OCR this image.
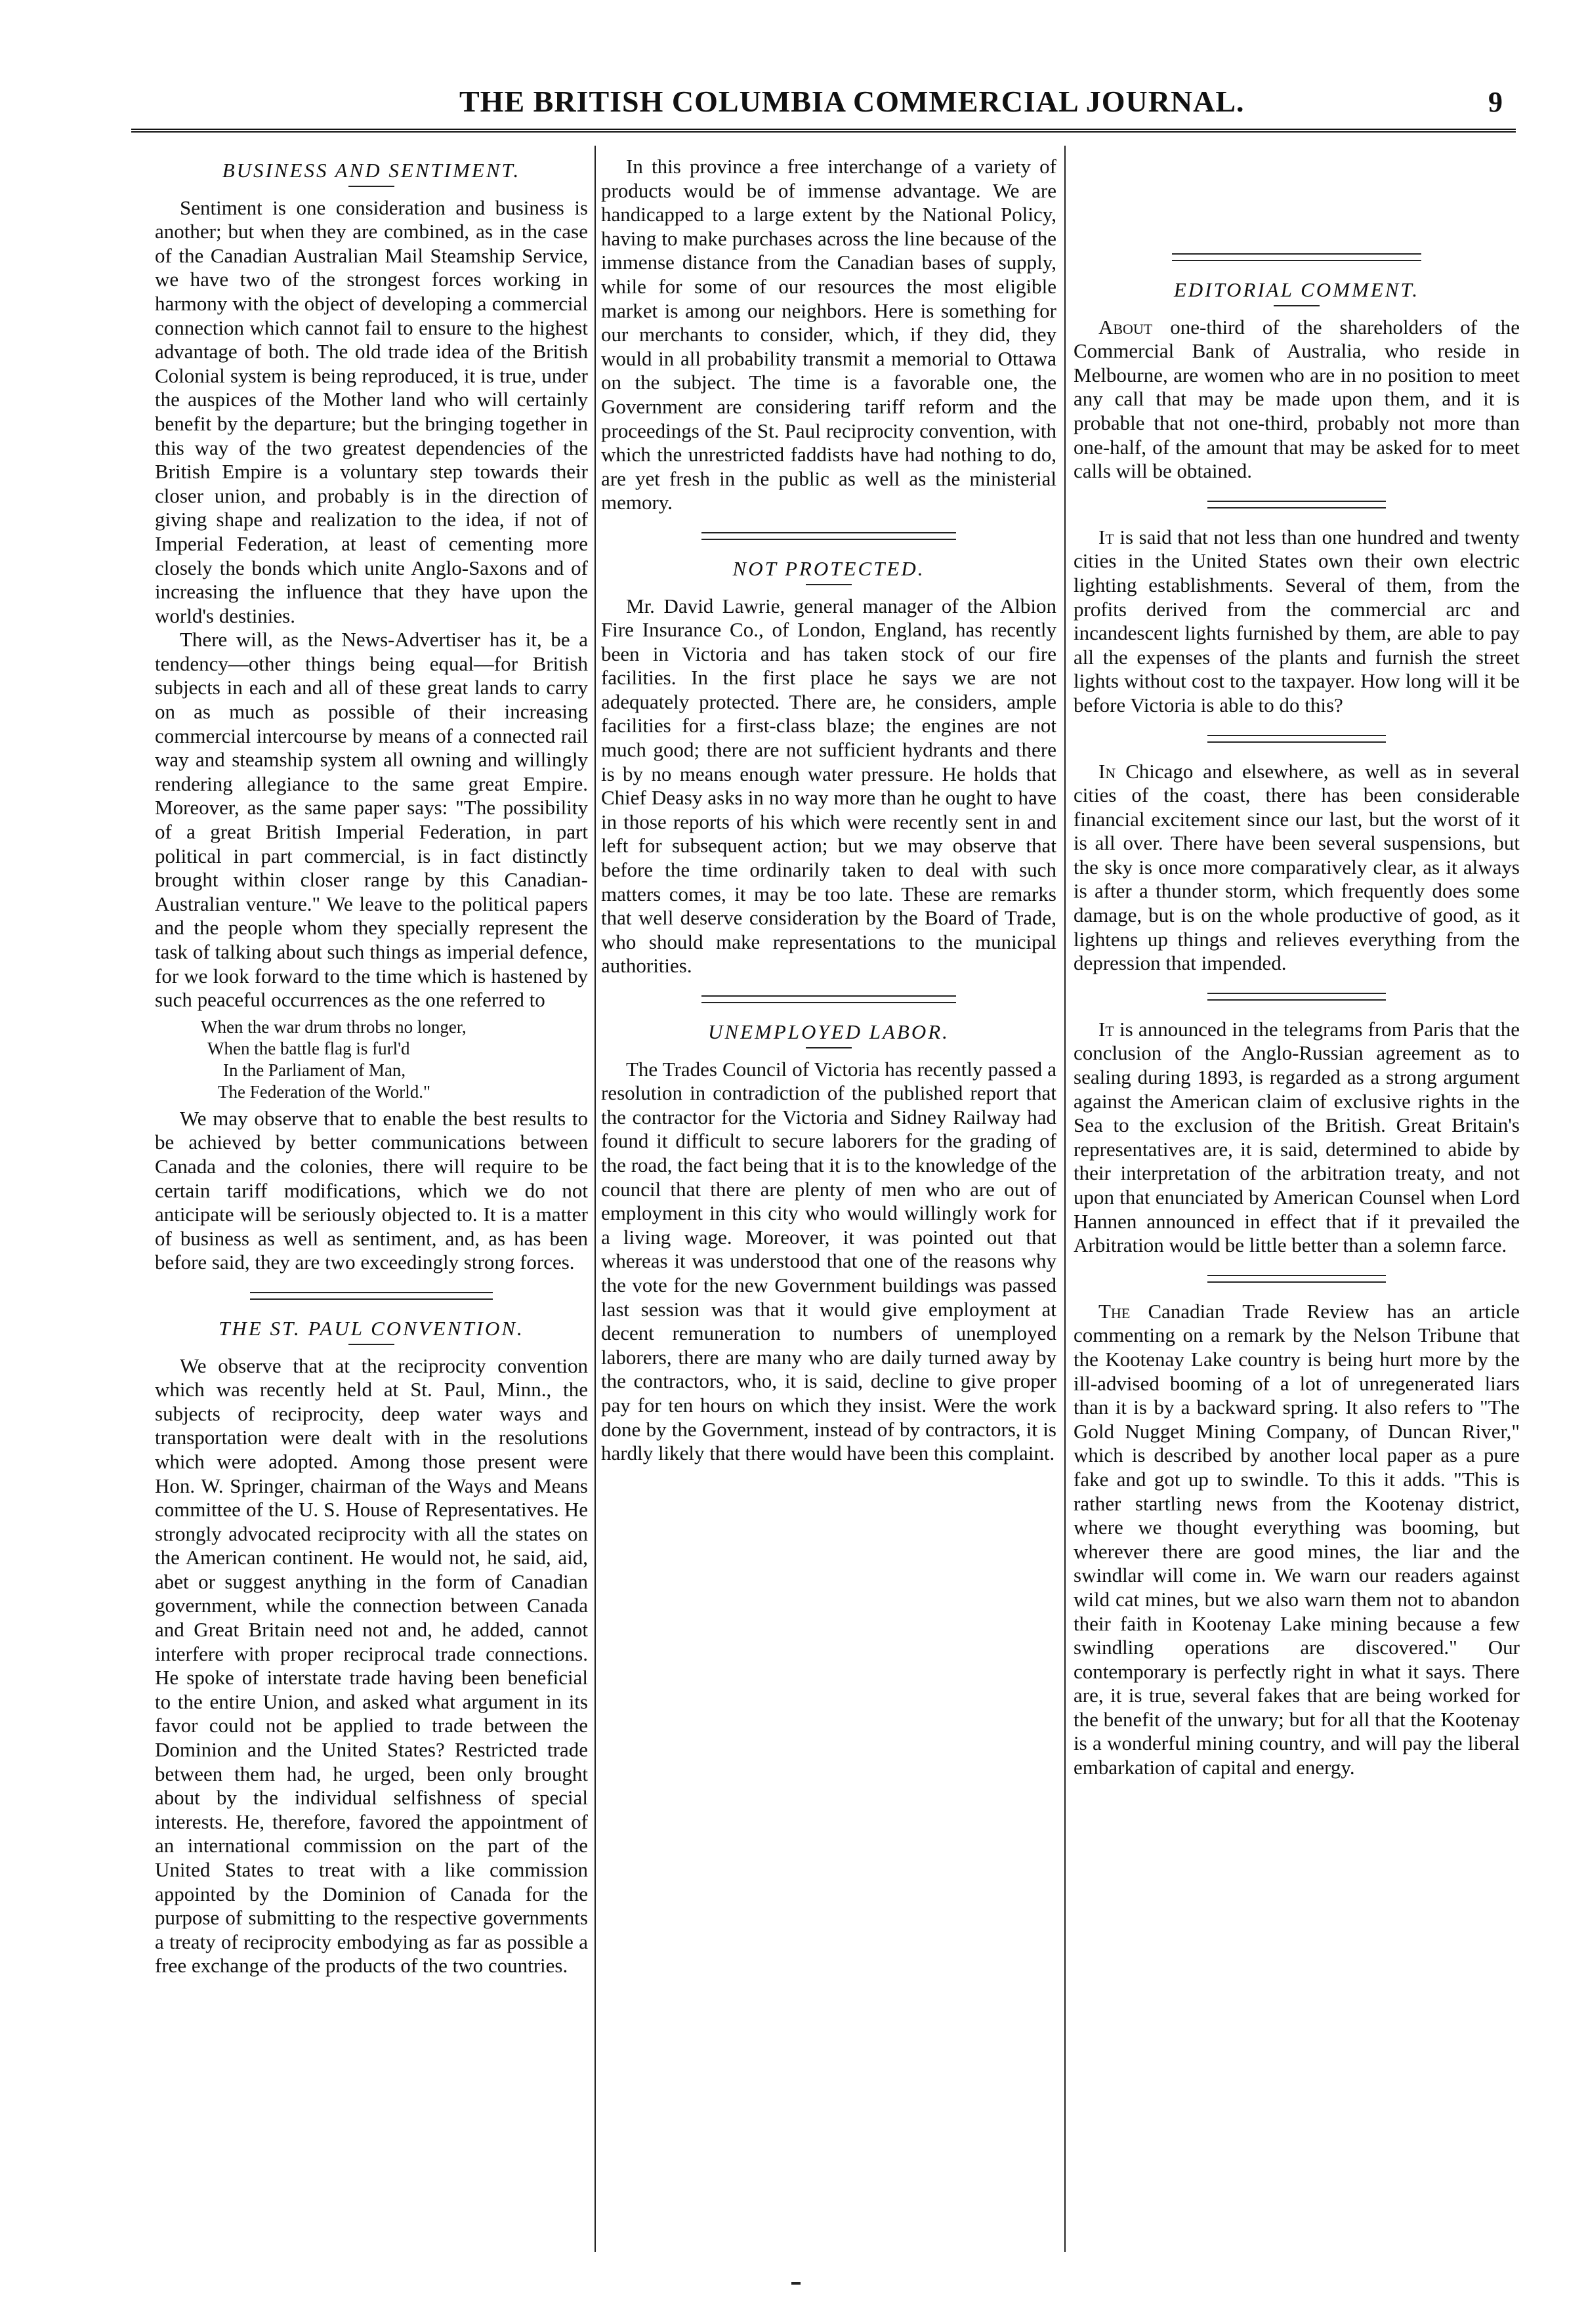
THE BRITISH COLUMBIA COMMERCIAL JOURNAL.	9
BUSINESS AND SENTIMENT.

Sentiment is one consideration and business is another; but when they are combined, as in the case of the Canadian Australian Mail Steamship Service, we have two of the strongest forces working in harmony with the object of developing a commercial connection which cannot fail to ensure to the highest advantage of both. The old trade idea of the British Colonial system is being reproduced, it is true, under the auspices of the Mother land who will certainly benefit by the departure; but the bringing together in this way of the two greatest dependencies of the British Empire is a voluntary step towards their closer union, and probably is in the direction of giving shape and realization to the idea, if not of Imperial Federation, at least of cementing more closely the bonds which unite Anglo-Saxons and of increasing the influence that they have upon the world's destinies.

There will, as the News-Advertiser has it, be a tendency—other things being equal—for British subjects in each and all of these great lands to carry on as much as possible of their increasing commercial intercourse by means of a connected rail way and steamship system all owning and willingly rendering allegiance to the same great Empire. Moreover, as the same paper says: "The possibility of a great British Imperial Federation, in part political in part commercial, is in fact distinctly brought within closer range by this Canadian-Australian venture." We leave to the political papers and the people whom they specially represent the task of talking about such things as imperial defence, for we look forward to the time which is hastened by such peaceful occurrences as the one referred to

When the war drum throbs no longer,
When the battle flag is furl'd
In the Parliament of Man,
The Federation of the World."

We may observe that to enable the best results to be achieved by better communications between Canada and the colonies, there will require to be certain tariff modifications, which we do not anticipate will be seriously objected to. It is a matter of business as well as sentiment, and, as has been before said, they are two exceedingly strong forces.

THE ST. PAUL CONVENTION.

We observe that at the reciprocity convention which was recently held at St. Paul, Minn., the subjects of reciprocity, deep water ways and transportation were dealt with in the resolutions which were adopted. Among those present were Hon. W. Springer, chairman of the Ways and Means committee of the U. S. House of Representatives. He strongly advocated reciprocity with all the states on the American continent. He would not, he said, aid, abet or suggest anything in the form of Canadian government, while the connection between Canada and Great Britain need not and, he added, cannot interfere with proper reciprocal trade connections. He spoke of interstate trade having been beneficial to the entire Union, and asked what argument in its favor could not be applied to trade between the Dominion and the United States? Restricted trade between them had, he urged, been only brought about by the individual selfishness of special interests. He, therefore, favored the appointment of an international commission on the part of the United States to treat with a like commission appointed by the Dominion of Canada for the purpose of submitting to the respective governments a treaty of reciprocity embodying as far as possible a free exchange of the products of the two countries.

In this province a free interchange of a variety of products would be of immense advantage. We are handicapped to a large extent by the National Policy, having to make purchases across the line because of the immense distance from the Canadian bases of supply, while for some of our resources the most eligible market is among our neighbors. Here is something for our merchants to consider, which, if they did, they would in all probability transmit a memorial to Ottawa on the subject. The time is a favorable one, the Government are considering tariff reform and the proceedings of the St. Paul reciprocity convention, with which the unrestricted faddists have had nothing to do, are yet fresh in the public as well as the ministerial memory.

NOT PROTECTED.

Mr. David Lawrie, general manager of the Albion Fire Insurance Co., of London, England, has recently been in Victoria and has taken stock of our fire facilities. In the first place he says we are not adequately protected. There are, he considers, ample facilities for a first-class blaze; the engines are not much good; there are not sufficient hydrants and there is by no means enough water pressure. He holds that Chief Deasy asks in no way more than he ought to have in those reports of his which were recently sent in and left for subsequent action; but we may observe that before the time ordinarily taken to deal with such matters comes, it may be too late. These are remarks that well deserve consideration by the Board of Trade, who should make representations to the municipal authorities.

UNEMPLOYED LABOR.

The Trades Council of Victoria has recently passed a resolution in contradiction of the published report that the contractor for the Victoria and Sidney Railway had found it difficult to secure laborers for the grading of the road, the fact being that it is to the knowledge of the council that there are plenty of men who are out of employment in this city who would willingly work for a living wage. Moreover, it was pointed out that whereas it was understood that one of the reasons why the vote for the new Government buildings was passed last session was that it would give employment at decent remuneration to numbers of unemployed laborers, there are many who are daily turned away by the contractors, who, it is said, decline to give proper pay for ten hours on which they insist. Were the work done by the Government, instead of by contractors, it is hardly likely that there would have been this complaint.

EDITORIAL COMMENT.

About one-third of the shareholders of the Commercial Bank of Australia, who reside in Melbourne, are women who are in no position to meet any call that may be made upon them, and it is probable that not one-third, probably not more than one-half, of the amount that may be asked for to meet calls will be obtained.

It is said that not less than one hundred and twenty cities in the United States own their own electric lighting establishments. Several of them, from the profits derived from the commercial arc and incandescent lights furnished by them, are able to pay all the expenses of the plants and furnish the street lights without cost to the taxpayer. How long will it be before Victoria is able to do this?

In Chicago and elsewhere, as well as in several cities of the coast, there has been considerable financial excitement since our last, but the worst of it is all over. There have been several suspensions, but the sky is once more comparatively clear, as it always is after a thunder storm, which frequently does some damage, but is on the whole productive of good, as it lightens up things and relieves everything from the depression that impended.

It is announced in the telegrams from Paris that the conclusion of the Anglo-Russian agreement as to sealing during 1893, is regarded as a strong argument against the American claim of exclusive rights in the Sea to the exclusion of the British. Great Britain's representatives are, it is said, determined to abide by their interpretation of the arbitration treaty, and not upon that enunciated by American Counsel when Lord Hannen announced in effect that if it prevailed the Arbitration would be little better than a solemn farce.

The Canadian Trade Review has an article commenting on a remark by the Nelson Tribune that the Kootenay Lake country is being hurt more by the ill-advised booming of a lot of unregenerated liars than it is by a backward spring. It also refers to "The Gold Nugget Mining Company, of Duncan River," which is described by another local paper as a pure fake and got up to swindle. To this it adds. "This is rather startling news from the Kootenay district, where we thought everything was booming, but wherever there are good mines, the liar and the swindlar will come in. We warn our readers against wild cat mines, but we also warn them not to abandon their faith in Kootenay Lake mining because a few swindling operations are discovered." Our contemporary is perfectly right in what it says. There are, it is true, several fakes that are being worked for the benefit of the unwary; but for all that the Kootenay is a wonderful mining country, and will pay the liberal embarkation of capital and energy.
